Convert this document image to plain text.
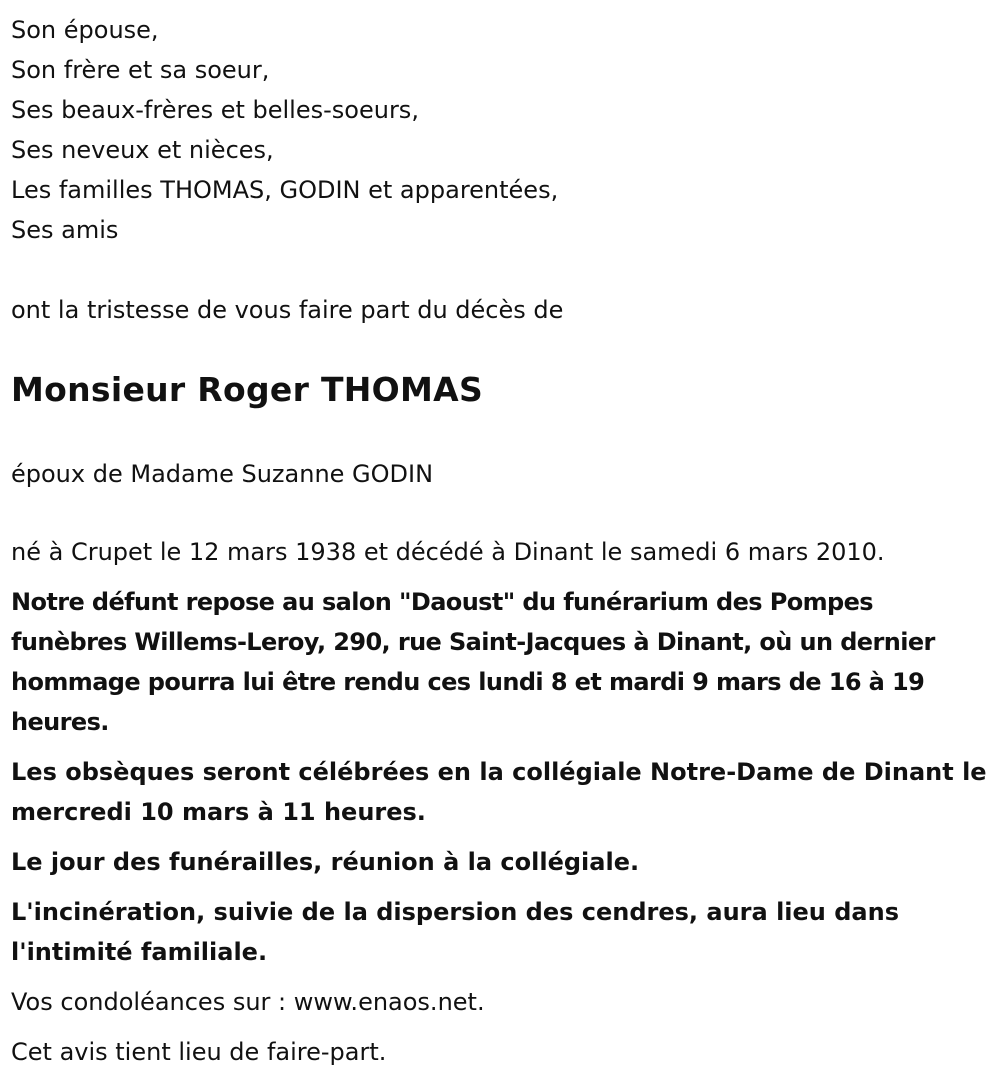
Son épouse,
Son frère et sa soeur,
Ses beaux-frères et belles-soeurs,
Ses neveux et nièces,
Les familles THOMAS, GODIN et apparentées,
Ses amis
ont la tristesse de vous faire part du décès de
Monsieur Roger THOMAS
époux de Madame Suzanne GODIN
né à Crupet le 12 mars 1938 et décédé à Dinant le samedi 6 mars 2010.
Notre défunt repose au salon "Daoust" du funérarium des Pompes funèbres Willems-Leroy, 290, rue Saint-Jacques à Dinant, où un dernier hommage pourra lui être rendu ces lundi 8 et mardi 9 mars de 16 à 19 heures.
Les obsèques seront célébrées en la collégiale Notre-Dame de Dinant le mercredi 10 mars à 11 heures.
Le jour des funérailles, réunion à la collégiale.
L'incinération, suivie de la dispersion des cendres, aura lieu dans l'intimité familiale.
Vos condoléances sur : www.enaos.net.
Cet avis tient lieu de faire-part.
